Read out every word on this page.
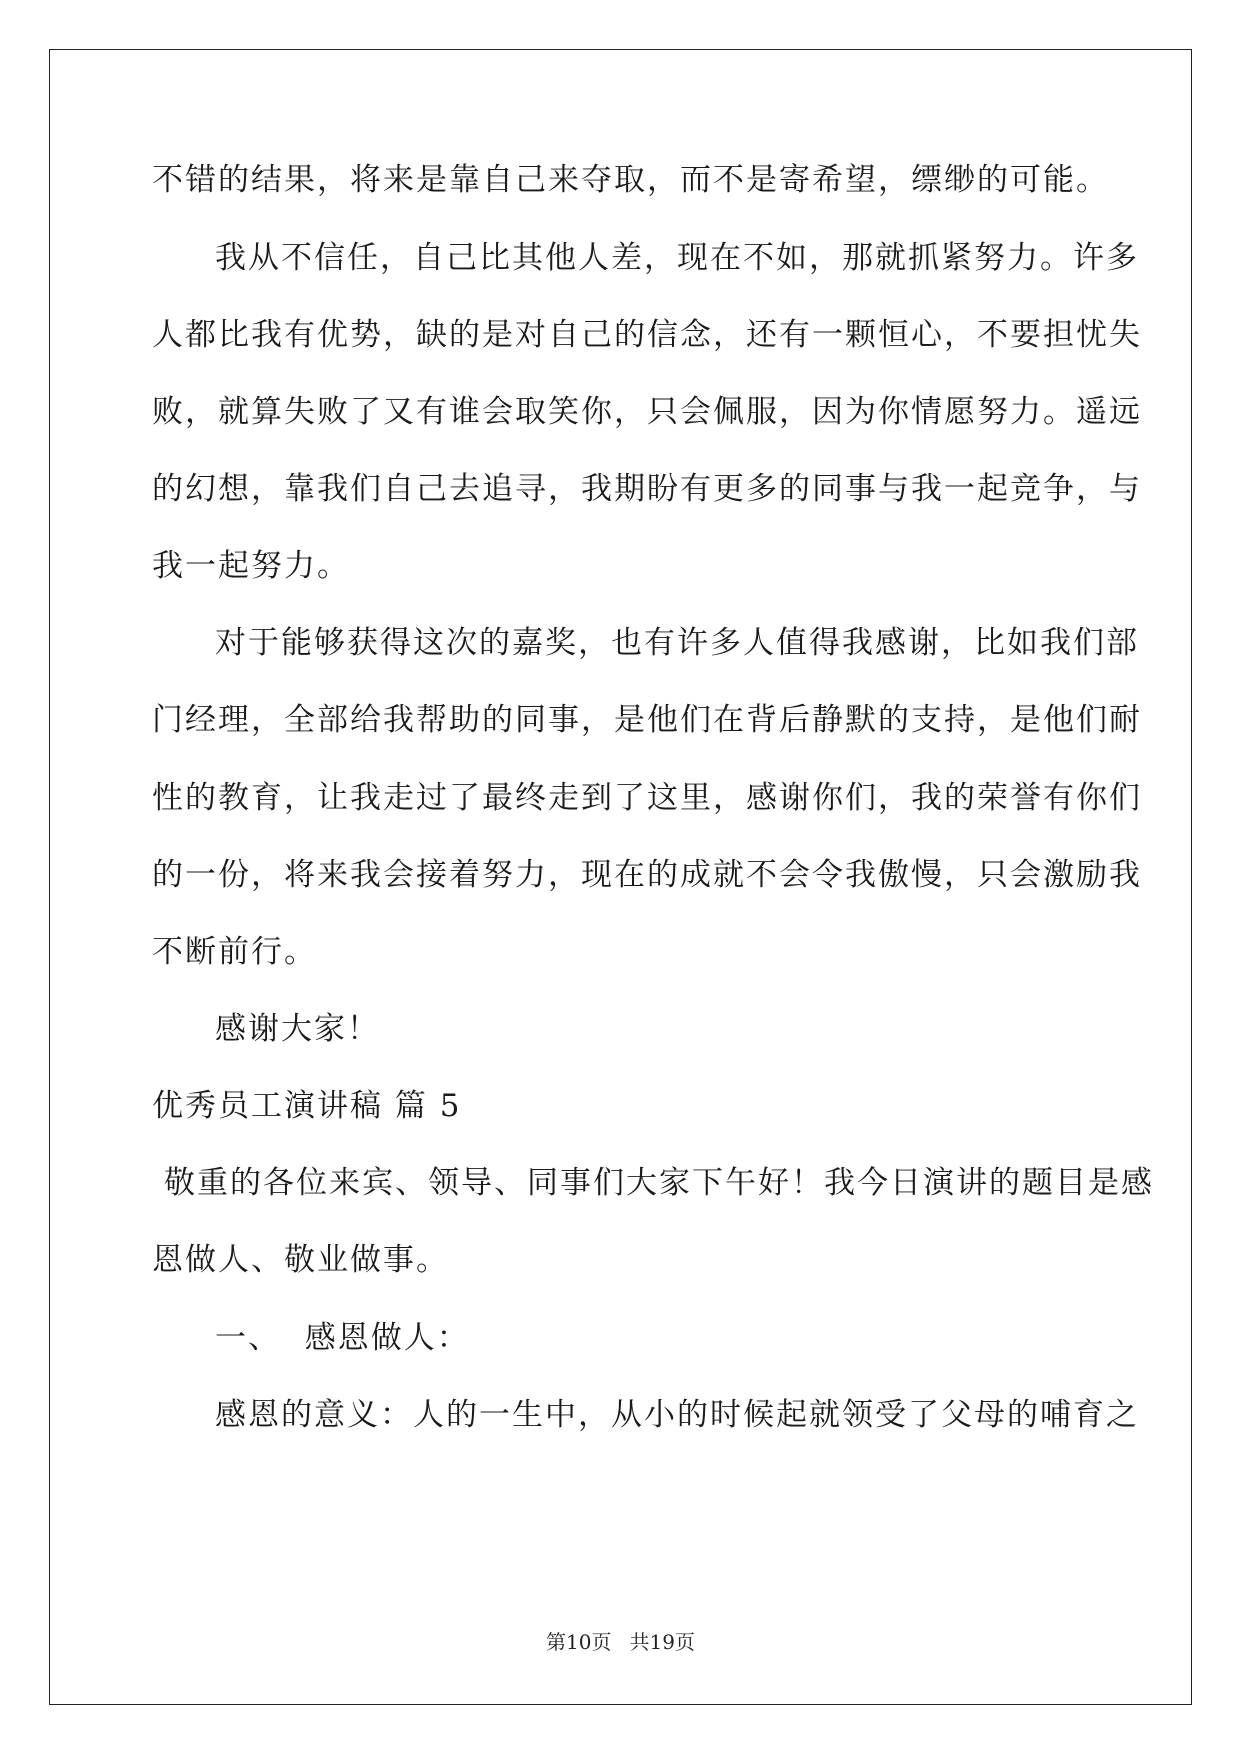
不错的结果，将来是靠自己来夺取，而不是寄希望，缥缈的可能。
我从不信任，自己比其他人差，现在不如，那就抓紧努力。许多
人都比我有优势，缺的是对自己的信念，还有一颗恒心，不要担忧失
败，就算失败了又有谁会取笑你，只会佩服，因为你情愿努力。遥远
的幻想，靠我们自己去追寻，我期盼有更多的同事与我一起竞争，与
我一起努力。
对于能够获得这次的嘉奖，也有许多人值得我感谢，比如我们部
门经理，全部给我帮助的同事，是他们在背后静默的支持，是他们耐
性的教育，让我走过了最终走到了这里，感谢你们，我的荣誉有你们
的一份，将来我会接着努力，现在的成就不会令我傲慢，只会激励我
不断前行。
感谢大家！
优秀员工演讲稿 篇 5
敬重的各位来宾、领导、同事们大家下午好！我今日演讲的题目是感
恩做人、敬业做事。
一、  感恩做人：
感恩的意义：人的一生中，从小的时候起就领受了父母的哺育之
第10页 共19页
